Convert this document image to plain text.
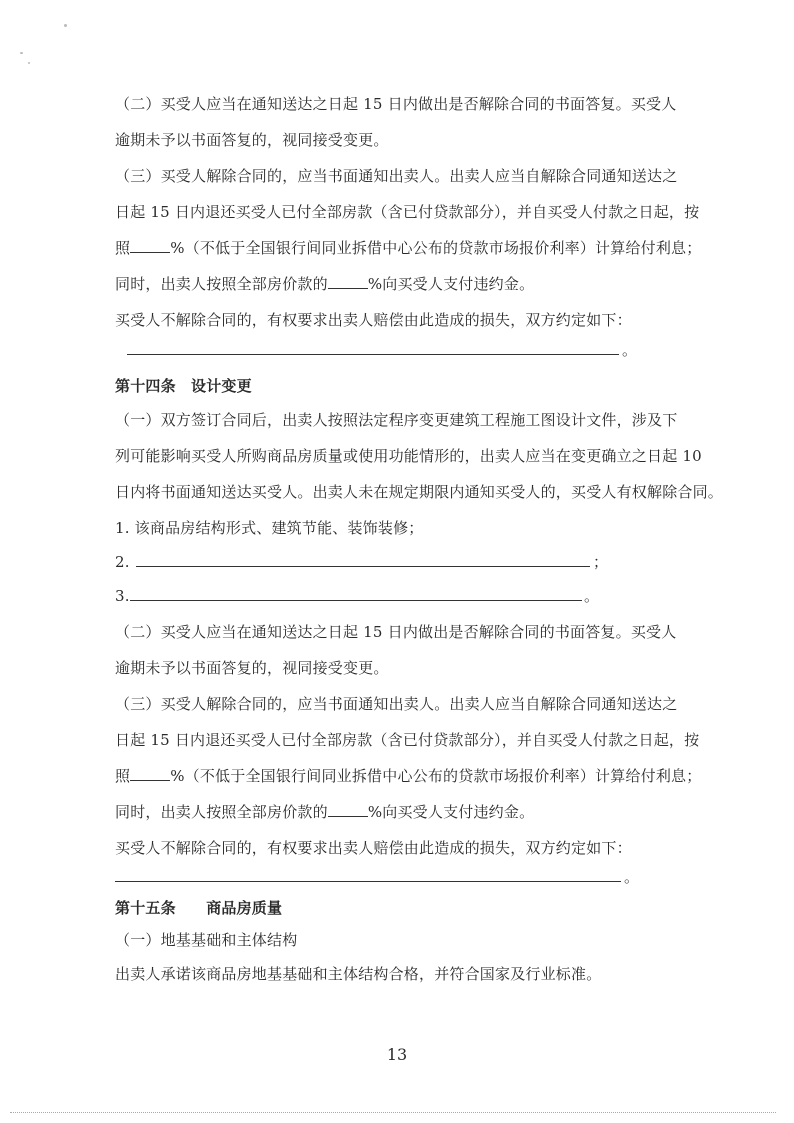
（二）买受人应当在通知送达之日起 15 日内做出是否解除合同的书面答复。买受人
逾期未予以书面答复的，视同接受变更。
（三）买受人解除合同的，应当书面通知出卖人。出卖人应当自解除合同通知送达之
日起 15 日内退还买受人已付全部房款（含已付贷款部分），并自买受人付款之日起，按
照	%（不低于全国银行间同业拆借中心公布的贷款市场报价利率）计算给付利息；
同时，出卖人按照全部房价款的	%向买受人支付违约金。
买受人不解除合同的，有权要求出卖人赔偿由此造成的损失，双方约定如下：
。
第十四条　设计变更
（一）双方签订合同后，出卖人按照法定程序变更建筑工程施工图设计文件，涉及下
列可能影响买受人所购商品房质量或使用功能情形的，出卖人应当在变更确立之日起 10
日内将书面通知送达买受人。出卖人未在规定期限内通知买受人的，买受人有权解除合同。
1. 该商品房结构形式、建筑节能、装饰装修；
2.	；
3.	。
（二）买受人应当在通知送达之日起 15 日内做出是否解除合同的书面答复。买受人
逾期未予以书面答复的，视同接受变更。
（三）买受人解除合同的，应当书面通知出卖人。出卖人应当自解除合同通知送达之
日起 15 日内退还买受人已付全部房款（含已付贷款部分），并自买受人付款之日起，按
照	%（不低于全国银行间同业拆借中心公布的贷款市场报价利率）计算给付利息；
同时，出卖人按照全部房价款的	%向买受人支付违约金。
买受人不解除合同的，有权要求出卖人赔偿由此造成的损失，双方约定如下：
。
第十五条　　商品房质量
（一）地基基础和主体结构
出卖人承诺该商品房地基基础和主体结构合格，并符合国家及行业标准。
13
